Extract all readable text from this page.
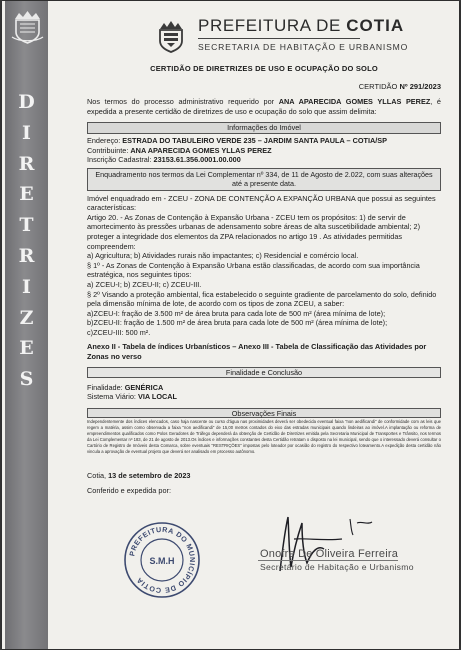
D
I
R
E
T
R
I
Z
E
S
PREFEITURA DE COTIA
SECRETARIA DE HABITAÇÃO E URBANISMO
CERTIDÃO DE DIRETRIZES DE USO E OCUPAÇÃO DO SOLO
CERTIDÃO Nº 291/2023

Nos termos do processo administrativo requerido por ANA APARECIDA GOMES YLLAS PEREZ, é expedida a presente certidão de diretrizes de uso e ocupação do solo que assim delimita:

Informações do Imóvel
Endereço: ESTRADA DO TABULEIRO VERDE 235 – JARDIM SANTA PAULA – COTIA/SP
Contribuinte: ANA APARECIDA GOMES YLLAS PEREZ
Inscrição Cadastral: 23153.61.356.0001.00.000
Enquadramento nos termos da Lei Complementar nº 334, de 11 de Agosto de 2.022, com suas alterações até a presente data.

Imóvel enquadrado em - ZCEU - ZONA DE CONTENÇÃO A EXPANÇÃO URBANA que possui as seguintes características:

Artigo 20. - As Zonas de Contenção à Expansão Urbana - ZCEU tem os propósitos: 1) de servir de amortecimento às pressões urbanas de adensamento sobre áreas de alta suscetibilidade ambiental; 2) proteger a integridade dos elementos da ZPA relacionados no artigo 19 . As atividades permitidas compreendem:

a) Agricultura; b) Atividades rurais não impactantes; c) Residencial e comércio local.

§ 1º - As Zonas de Contenção à Expansão Urbana estão classificadas, de acordo com sua importância estratégica, nos seguintes tipos:

a) ZCEU-I; b) ZCEU-II; c) ZCEU-III.

§ 2º Visando a proteção ambiental, fica estabelecido o seguinte gradiente de parcelamento do solo, definido pela dimensão mínima de lote, de acordo com os tipos de zona ZCEU, a saber:

a)ZCEU-I: fração de 3.500 m² de área bruta para cada lote de 500 m² (área mínima de lote);

b)ZCEU-II: fração de 1.500 m² de área bruta para cada lote de 500 m² (área mínima de lote);

c)ZCEU-III: 500 m².

Anexo II - Tabela de índices Urbanísticos – Anexo III - Tabela de Classificação das Atividades por Zonas no verso

Finalidade e Conclusão
Finalidade: GENÉRICA
Sistema Viário: VIA LOCAL
Observações Finais

Independentemente dos índices elencados, caso haja nascente ou curso d'água nas proximidades deverá ser obedecida eventual faixa "non aedificandi" de conformidade com as leis que regem a matéria, assim como observada a faixa "non aedificandi" de 15,00 metros contados do eixo das estradas municipais quando lindeiras ao imóvel.A implantação ou reforma de empreendimentos qualificados como Polos Geradores de Tráfego dependerá da obtenção de Certidão de Diretrizes emitida pela Secretaria Municipal de Transportes e Trânsito, nos termos da Lei Complementar nº 183, de 21 de agosto de 2013.Os índices e informações constantes desta Certidão retratam o disposto na lei municipal, sendo que o interessado deverá consultar o Cartório de Registro de Imóveis desta Comarca, sobre eventuais "RESTRIÇÕES" impostas pelo loteador por ocasião do registro do respectivo loteamento.A expedição desta certidão não vincula a aprovação de eventual projeto que deverá ser analisado em processo autônomo.

Cotia, 13 de setembro de 2023
Conferido e expedida por:
PREFEITURA DO MUNICÍPIO DE COTIA
S.M.H
Onofre De Oliveira Ferreira
Secretário de Habitação e Urbanismo
